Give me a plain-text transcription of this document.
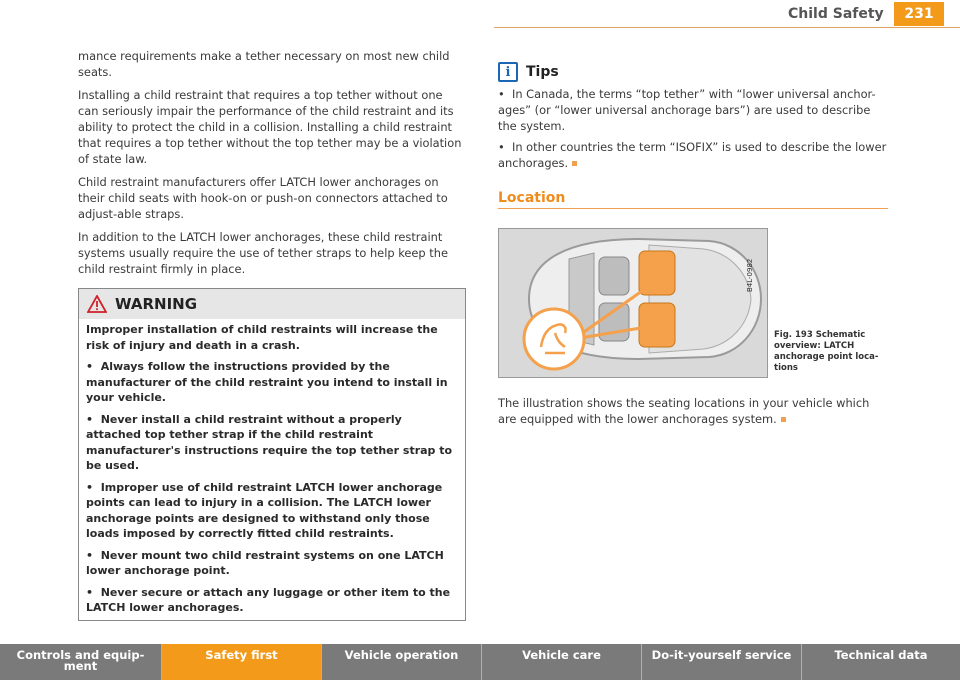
Child Safety	231

mance requirements make a tether necessary on most new child seats.

Installing a child restraint that requires a top tether without one can seriously impair the performance of the child restraint and its ability to protect the child in a collision. Installing a child restraint that requires a top tether without the top tether may be a violation of state law.

Child restraint manufacturers offer LATCH lower anchorages on their child seats with hook-on or push-on connectors attached to adjust-able straps.

In addition to the LATCH lower anchorages, these child restraint systems usually require the use of tether straps to help keep the child restraint firmly in place.

WARNING

Improper installation of child restraints will increase the risk of injury and death in a crash.

•  Always follow the instructions provided by the manufacturer of the child restraint you intend to install in your vehicle.

•  Never install a child restraint without a properly attached top tether strap if the child restraint manufacturer's instructions require the top tether strap to be used.

•  Improper use of child restraint LATCH lower anchorage points can lead to injury in a collision. The LATCH lower anchorage points are designed to withstand only those loads imposed by correctly fitted child restraints.

•  Never mount two child restraint systems on one LATCH lower anchorage point.

•  Never secure or attach any luggage or other item to the LATCH lower anchorages.

i	Tips

•  In Canada, the terms “top tether” with “lower universal anchor-ages” (or “lower universal anchorage bars”) are used to describe the system.

•  In other countries the term “ISOFIX” is used to describe the lower anchorages.

Location
B4L-0982
Fig. 193 Schematic overview: LATCH anchorage point loca-tions
The illustration shows the seating locations in your vehicle which are equipped with the lower anchorages system.
Controls and equip-ment
Safety first	Vehicle operation	Vehicle care	Do-it-yourself service	Technical data
